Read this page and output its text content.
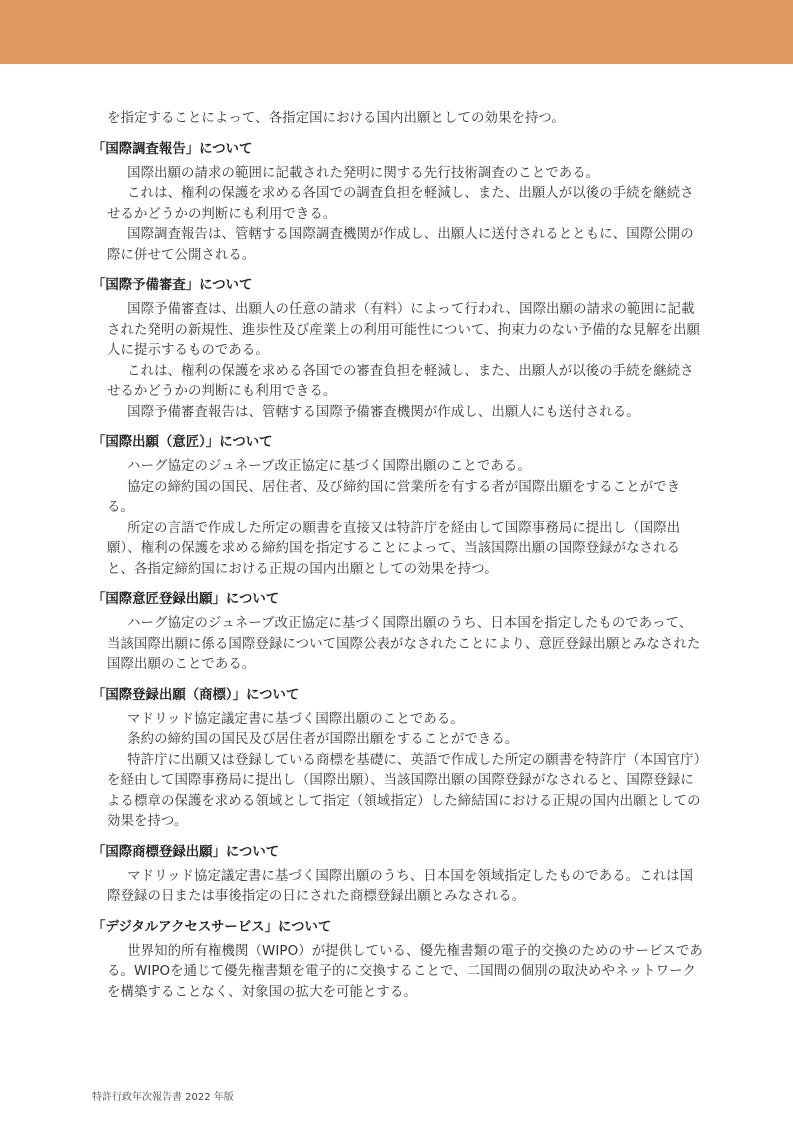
を指定することによって、各指定国における国内出願としての効果を持つ。

「国際調査報告」について

国際出願の請求の範囲に記載された発明に関する先行技術調査のことである。

これは、権利の保護を求める各国での調査負担を軽減し、また、出願人が以後の手続を継続させるかどうかの判断にも利用できる。

国際調査報告は、管轄する国際調査機関が作成し、出願人に送付されるとともに、国際公開の際に併せて公開される。

「国際予備審査」について

国際予備審査は、出願人の任意の請求（有料）によって行われ、国際出願の請求の範囲に記載された発明の新規性、進歩性及び産業上の利用可能性について、拘束力のない予備的な見解を出願人に提示するものである。

これは、権利の保護を求める各国での審査負担を軽減し、また、出願人が以後の手続を継続させるかどうかの判断にも利用できる。

国際予備審査報告は、管轄する国際予備審査機関が作成し、出願人にも送付される。

「国際出願（意匠）」について

ハーグ協定のジュネーブ改正協定に基づく国際出願のことである。

協定の締約国の国民、居住者、及び締約国に営業所を有する者が国際出願をすることができる。

所定の言語で作成した所定の願書を直接又は特許庁を経由して国際事務局に提出し（国際出願）、権利の保護を求める締約国を指定することによって、当該国際出願の国際登録がなされると、各指定締約国における正規の国内出願としての効果を持つ。

「国際意匠登録出願」について

ハーグ協定のジュネーブ改正協定に基づく国際出願のうち、日本国を指定したものであって、当該国際出願に係る国際登録について国際公表がなされたことにより、意匠登録出願とみなされた国際出願のことである。

「国際登録出願（商標）」について

マドリッド協定議定書に基づく国際出願のことである。

条約の締約国の国民及び居住者が国際出願をすることができる。

特許庁に出願又は登録している商標を基礎に、英語で作成した所定の願書を特許庁（本国官庁）を経由して国際事務局に提出し（国際出願）、当該国際出願の国際登録がなされると、国際登録による標章の保護を求める領域として指定（領域指定）した締結国における正規の国内出願としての効果を持つ。

「国際商標登録出願」について

マドリッド協定議定書に基づく国際出願のうち、日本国を領域指定したものである。これは国際登録の日または事後指定の日にされた商標登録出願とみなされる。

「デジタルアクセスサービス」について

世界知的所有権機関（WIPO）が提供している、優先権書類の電子的交換のためのサービスである。WIPOを通じて優先権書類を電子的に交換することで、二国間の個別の取決めやネットワークを構築することなく、対象国の拡大を可能とする。

特許行政年次報告書 2022 年版
